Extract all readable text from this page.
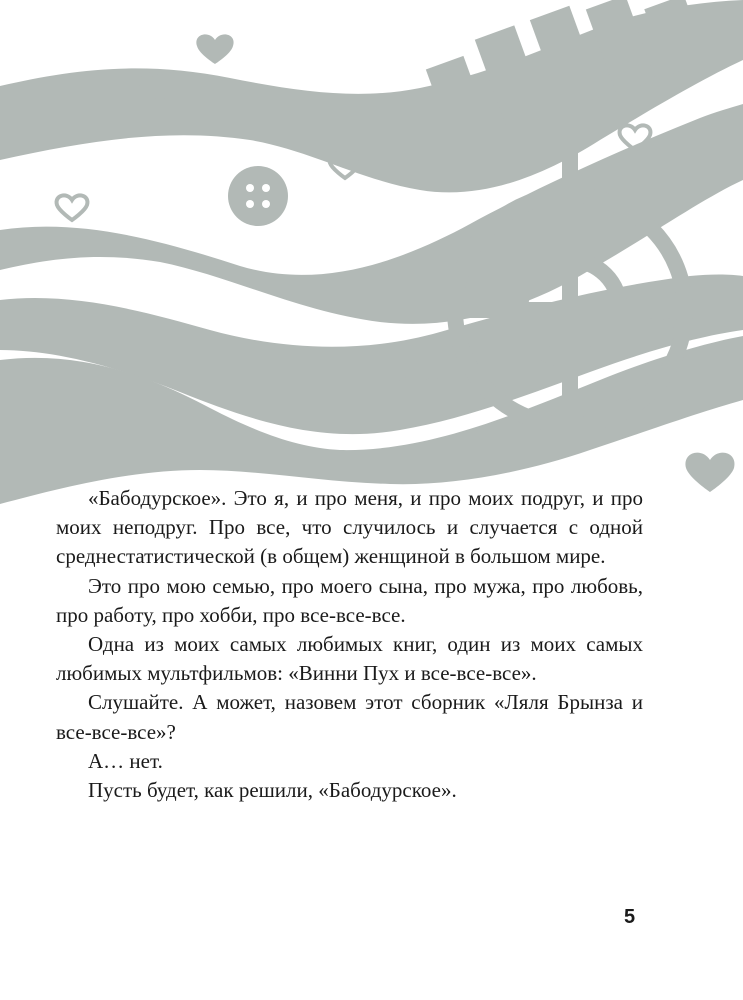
«Бабодурское». Это я, и про меня, и про моих подруг, и про моих неподруг. Про все, что случилось и случается с одной среднестатистической (в общем) женщиной в большом мире.

Это про мою семью, про моего сына, про мужа, про любовь, про работу, про хобби, про все-все-все.

Одна из моих самых любимых книг, один из моих самых любимых мультфильмов: «Винни Пух и все-все-все».

Слушайте. А может, назовем этот сборник «Ляля Брынза и все-все-все»?

А… нет.

Пусть будет, как решили, «Бабодурское».

5
